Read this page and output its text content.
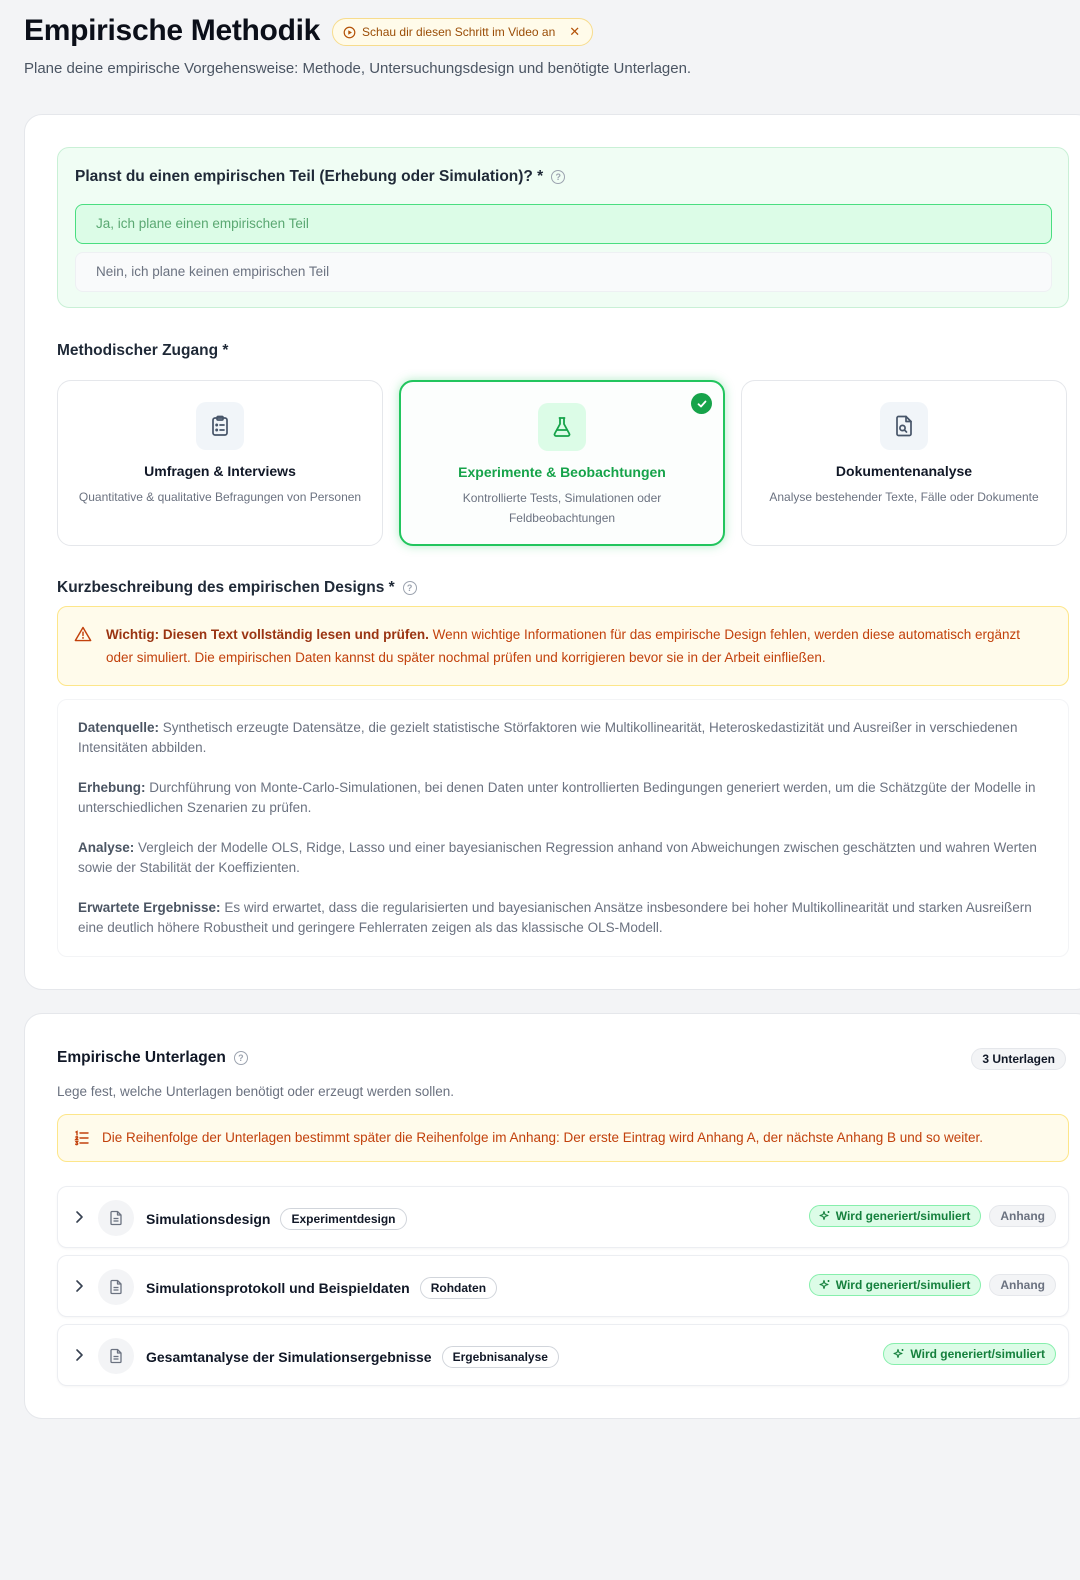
Empirische Methodik	Schau dir diesen Schritt im Video an ✕

Plane deine empirische Vorgehensweise: Methode, Untersuchungsdesign und benötigte Unterlagen.

Planst du einen empirischen Teil (Erhebung oder Simulation)? *	?
Ja, ich plane einen empirischen Teil
Nein, ich plane keinen empirischen Teil
Methodischer Zugang *
Umfragen & Interviews
Quantitative & qualitative Befragungen von Personen
Experimente & Beobachtungen
Kontrollierte Tests, Simulationen oder Feldbeobachtungen
Dokumentenanalyse
Analyse bestehender Texte, Fälle oder Dokumente
Kurzbeschreibung des empirischen Designs *	?
Wichtig: Diesen Text vollständig lesen und prüfen. Wenn wichtige Informationen für das empirische Design fehlen, werden diese automatisch ergänzt oder simuliert. Die empirischen Daten kannst du später nochmal prüfen und korrigieren bevor sie in der Arbeit einfließen.

Datenquelle: Synthetisch erzeugte Datensätze, die gezielt statistische Störfaktoren wie Multikollinearität, Heteroskedastizität und Ausreißer in verschiedenen Intensitäten abbilden.

Erhebung: Durchführung von Monte-Carlo-Simulationen, bei denen Daten unter kontrollierten Bedingungen generiert werden, um die Schätzgüte der Modelle in unterschiedlichen Szenarien zu prüfen.

Analyse: Vergleich der Modelle OLS, Ridge, Lasso und einer bayesianischen Regression anhand von Abweichungen zwischen geschätzten und wahren Werten sowie der Stabilität der Koeffizienten.

Erwartete Ergebnisse: Es wird erwartet, dass die regularisierten und bayesianischen Ansätze insbesondere bei hoher Multikollinearität und starken Ausreißern eine deutlich höhere Robustheit und geringere Fehlerraten zeigen als das klassische OLS-Modell.

Empirische Unterlagen	?	3 Unterlagen

Lege fest, welche Unterlagen benötigt oder erzeugt werden sollen.

Die Reihenfolge der Unterlagen bestimmt später die Reihenfolge im Anhang: Der erste Eintrag wird Anhang A, der nächste Anhang B und so weiter.
Simulationsdesign	Experimentdesign	Wird generiert/simuliert	Anhang
Simulationsprotokoll und Beispieldaten	Rohdaten	Wird generiert/simuliert	Anhang
Gesamtanalyse der Simulationsergebnisse	Ergebnisanalyse	Wird generiert/simuliert
